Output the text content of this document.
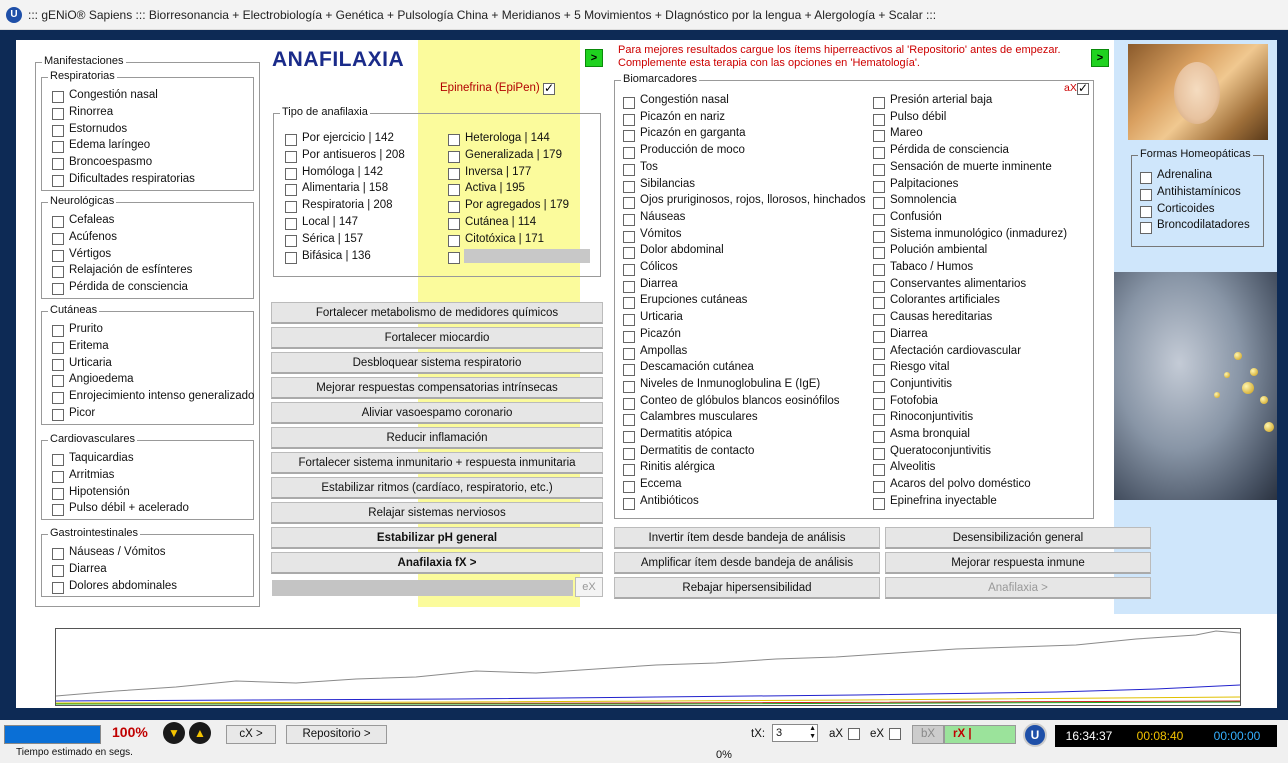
U ::: gENiO® Sapiens ::: Biorresonancia + Electrobiología + Genética + Pulsología China + Meridianos + 5 Movimientos + DIagnóstico por la lengua + Alergología + Scalar :::
Manifestaciones	ANAFILAXIA	>
Epinefrina (EpiPen)
✓
Tipo de anafilaxia
eX
Para mejores resultados cargue los ítems hiperreactivos al 'Repositorio' antes de empezar.
Complemente esta terapia con las opciones en 'Hematología'.	>
Biomarcadores
aX
✓
Formas Homeopáticas
100%	▼	▲	cX >	Repositorio >
Tiempo estimado en segs.	0%
tX: 3	▲
▼ aX eX	bX	rX |	U	16:34:37	00:08:40	00:00:00
Respiratorias
Congestión nasal
Rinorrea
Estornudos
Edema laríngeo
Broncoespasmo
Dificultades respiratorias
Neurológicas
Cefaleas
Acúfenos
Vértigos
Relajación de esfínteres
Pérdida de consciencia
Cutáneas
Prurito
Eritema
Urticaria
Angioedema
Enrojecimiento intenso generalizado
Picor
Cardiovasculares
Taquicardias
Arritmias
Hipotensión
Pulso débil + acelerado
Gastrointestinales
Náuseas / Vómitos
Diarrea
Dolores abdominales
Por ejercicio | 142
Por antisueros | 208
Homóloga | 142
Alimentaria | 158
Respiratoria | 208
Local | 147
Sérica | 157
Bifásica | 136
Heterologa | 144
Generalizada | 179
Inversa | 177
Activa | 195
Por agregados | 179
Cutánea | 114
Citotóxica | 171
Fortalecer metabolismo de medidores químicos
Fortalecer miocardio
Desbloquear sistema respiratorio
Mejorar respuestas compensatorias intrínsecas
Aliviar vasoespamo coronario
Reducir inflamación
Fortalecer sistema inmunitario + respuesta inmunitaria
Estabilizar ritmos (cardíaco, respiratorio, etc.)
Relajar sistemas nerviosos
Estabilizar pH general
Anafilaxia fX >
Congestión nasal
Picazón en nariz
Picazón en garganta
Producción de moco
Tos
Sibilancias
Ojos pruriginosos, rojos, llorosos, hinchados
Náuseas
Vómitos
Dolor abdominal
Cólicos
Diarrea
Erupciones cutáneas
Urticaria
Picazón
Ampollas
Descamación cutánea
Niveles de Inmunoglobulina E (IgE)
Conteo de glóbulos blancos eosinófilos
Calambres musculares
Dermatitis atópica
Dermatitis de contacto
Rinitis alérgica
Eccema
Antibióticos
Presión arterial baja
Pulso débil
Mareo
Pérdida de consciencia
Sensación de muerte inminente
Palpitaciones
Somnolencia
Confusión
Sistema inmunológico (inmadurez)
Polución ambiental
Tabaco / Humos
Conservantes alimentarios
Colorantes artificiales
Causas hereditarias
Diarrea
Afectación cardiovascular
Riesgo vital
Conjuntivitis
Fotofobia
Rinoconjuntivitis
Asma bronquial
Queratoconjuntivitis
Alveolitis
Acaros del polvo doméstico
Epinefrina inyectable
Invertir ítem desde bandeja de análisis
Amplificar ítem desde bandeja de análisis
Rebajar hipersensibilidad
Desensibilización general
Mejorar respuesta inmune
Anafilaxia >
Adrenalina
Antihistamínicos
Corticoides
Broncodilatadores
